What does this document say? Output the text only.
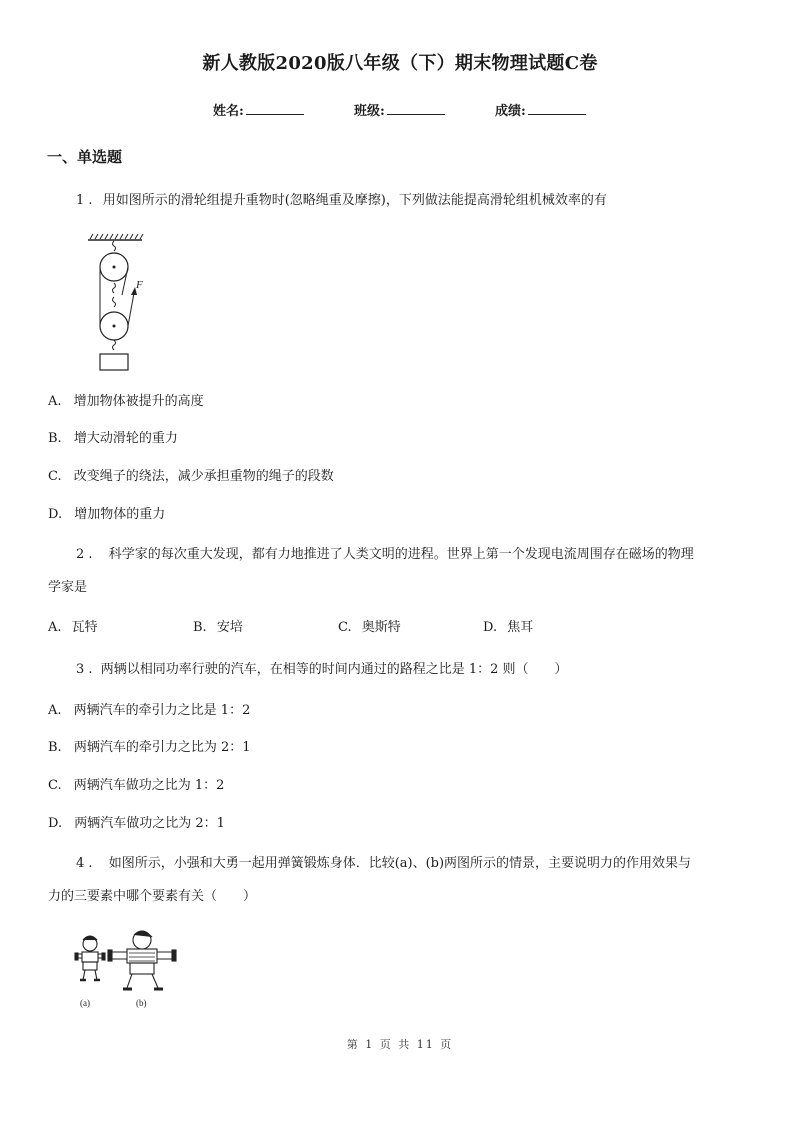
新人教版2020版八年级（下）期末物理试题C卷
姓名:	班级:	成绩:
一、单选题
1 . 用如图所示的滑轮组提升重物时(忽略绳重及摩擦)，下列做法能提高滑轮组机械效率的有
F
A. 增加物体被提升的高度
B. 增大动滑轮的重力
C. 改变绳子的绕法，减少承担重物的绳子的段数
D. 增加物体的重力
2 . 科学家的每次重大发现，都有力地推进了人类文明的进程。世界上第一个发现电流周围存在磁场的物理
学家是
A. 瓦特	B. 安培	C. 奥斯特	D. 焦耳
3 . 两辆以相同功率行驶的汽车，在相等的时间内通过的路程之比是 1：2 则（　　）
A. 两辆汽车的牵引力之比是 1：2
B. 两辆汽车的牵引力之比为 2：1
C. 两辆汽车做功之比为 1：2
D. 两辆汽车做功之比为 2：1
4 . 如图所示，小强和大勇一起用弹簧锻炼身体．比较(a)、(b)两图所示的情景，主要说明力的作用效果与
力的三要素中哪个要素有关（　　）
(a)	(b)
第 1 页 共 11 页
